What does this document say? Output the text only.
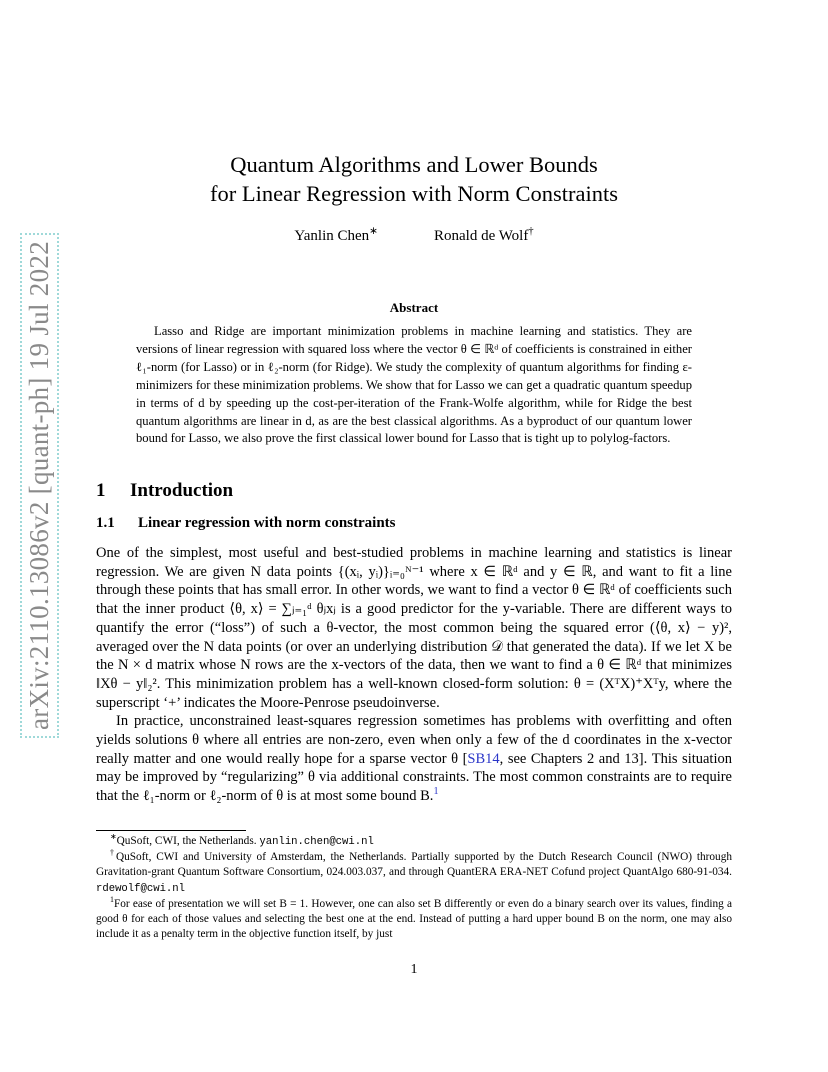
arXiv:2110.13086v2 [quant-ph] 19 Jul 2022
Quantum Algorithms and Lower Bounds
for Linear Regression with Norm Constraints
Yanlin Chen∗	Ronald de Wolf†
Abstract
Lasso and Ridge are important minimization problems in machine learning and statistics. They are versions of linear regression with squared loss where the vector θ ∈ ℝᵈ of coefficients is constrained in either ℓ₁-norm (for Lasso) or in ℓ₂-norm (for Ridge). We study the complexity of quantum algorithms for finding ε-minimizers for these minimization problems. We show that for Lasso we can get a quadratic quantum speedup in terms of d by speeding up the cost-per-iteration of the Frank-Wolfe algorithm, while for Ridge the best quantum algorithms are linear in d, as are the best classical algorithms. As a byproduct of our quantum lower bound for Lasso, we also prove the first classical lower bound for Lasso that is tight up to polylog-factors.
1 Introduction
1.1 Linear regression with norm constraints

One of the simplest, most useful and best-studied problems in machine learning and statistics is linear regression. We are given N data points {(xᵢ, yᵢ)}ᵢ₌₀ᴺ⁻¹ where x ∈ ℝᵈ and y ∈ ℝ, and want to fit a line through these points that has small error. In other words, we want to find a vector θ ∈ ℝᵈ of coefficients such that the inner product ⟨θ, x⟩ = ∑ⱼ₌₁ᵈ θⱼxⱼ is a good predictor for the y-variable. There are different ways to quantify the error (“loss”) of such a θ-vector, the most common being the squared error (⟨θ, x⟩ − y)², averaged over the N data points (or over an underlying distribution 𝒟 that generated the data). If we let X be the N × d matrix whose N rows are the x-vectors of the data, then we want to find a θ ∈ ℝᵈ that minimizes ‖Xθ − y‖₂². This minimization problem has a well-known closed-form solution: θ = (XᵀX)⁺Xᵀy, where the superscript ‘+’ indicates the Moore-Penrose pseudoinverse.

In practice, unconstrained least-squares regression sometimes has problems with overfitting and often yields solutions θ where all entries are non-zero, even when only a few of the d coordinates in the x-vector really matter and one would really hope for a sparse vector θ [SB14, see Chapters 2 and 13]. This situation may be improved by “regularizing” θ via additional constraints. The most common constraints are to require that the ℓ₁-norm or ℓ₂-norm of θ is at most some bound B.$^1$

∗QuSoft, CWI, the Netherlands. yanlin.chen@cwi.nl

†QuSoft, CWI and University of Amsterdam, the Netherlands. Partially supported by the Dutch Research Council (NWO) through Gravitation-grant Quantum Software Consortium, 024.003.037, and through QuantERA ERA-NET Cofund project QuantAlgo 680-91-034. rdewolf@cwi.nl

$^1$For ease of presentation we will set B = 1. However, one can also set B differently or even do a binary search over its values, finding a good θ for each of those values and selecting the best one at the end. Instead of putting a hard upper bound B on the norm, one may also include it as a penalty term in the objective function itself, by just

1
